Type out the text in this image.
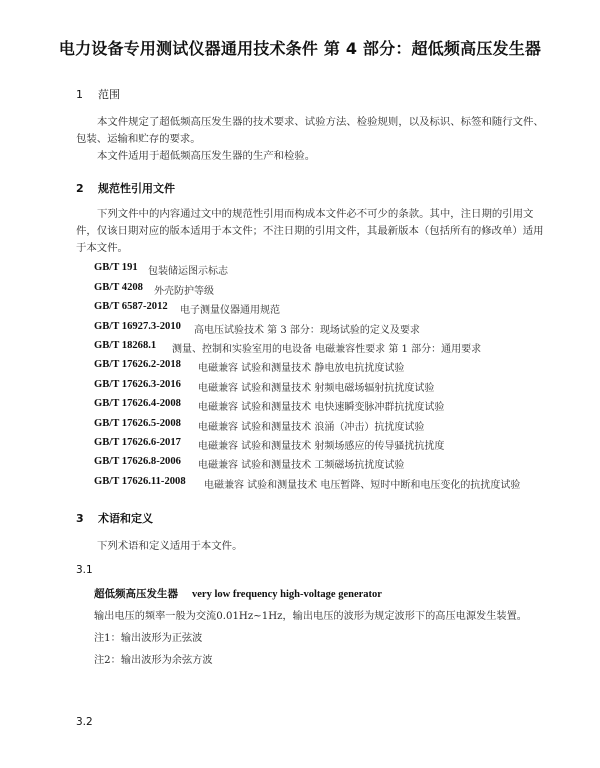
电力设备专用测试仪器通用技术条件 第 4 部分：超低频高压发生器
1 范围
本文件规定了超低频高压发生器的技术要求、试验方法、检验规则，以及标识、标签和随行文件、包装、运输和贮存的要求。
本文件适用于超低频高压发生器的生产和检验。
2 规范性引用文件
下列文件中的内容通过文中的规范性引用而构成本文件必不可少的条款。其中，注日期的引用文件，仅该日期对应的版本适用于本文件；不注日期的引用文件，其最新版本（包括所有的修改单）适用于本文件。
GB/T 191 包装储运图示标志
GB/T 4208 外壳防护等级
GB/T 6587-2012 电子测量仪器通用规范
GB/T 16927.3-2010 高电压试验技术 第 3 部分：现场试验的定义及要求
GB/T 18268.1 测量、控制和实验室用的电设备 电磁兼容性要求 第 1 部分：通用要求
GB/T 17626.2-2018 电磁兼容 试验和测量技术 静电放电抗扰度试验
GB/T 17626.3-2016 电磁兼容 试验和测量技术 射频电磁场辐射抗扰度试验
GB/T 17626.4-2008 电磁兼容 试验和测量技术 电快速瞬变脉冲群抗扰度试验
GB/T 17626.5-2008 电磁兼容 试验和测量技术 浪涌（冲击）抗扰度试验
GB/T 17626.6-2017 电磁兼容 试验和测量技术 射频场感应的传导骚扰抗扰度
GB/T 17626.8-2006 电磁兼容 试验和测量技术 工频磁场抗扰度试验
GB/T 17626.11-2008 电磁兼容 试验和测量技术 电压暂降、短时中断和电压变化的抗扰度试验
3 术语和定义
下列术语和定义适用于本文件。
3.1
超低频高压发生器 very low frequency high-voltage generator
输出电压的频率一般为交流0.01Hz~1Hz，输出电压的波形为规定波形下的高压电源发生装置。
注1：输出波形为正弦波
注2：输出波形为余弦方波
3.2
